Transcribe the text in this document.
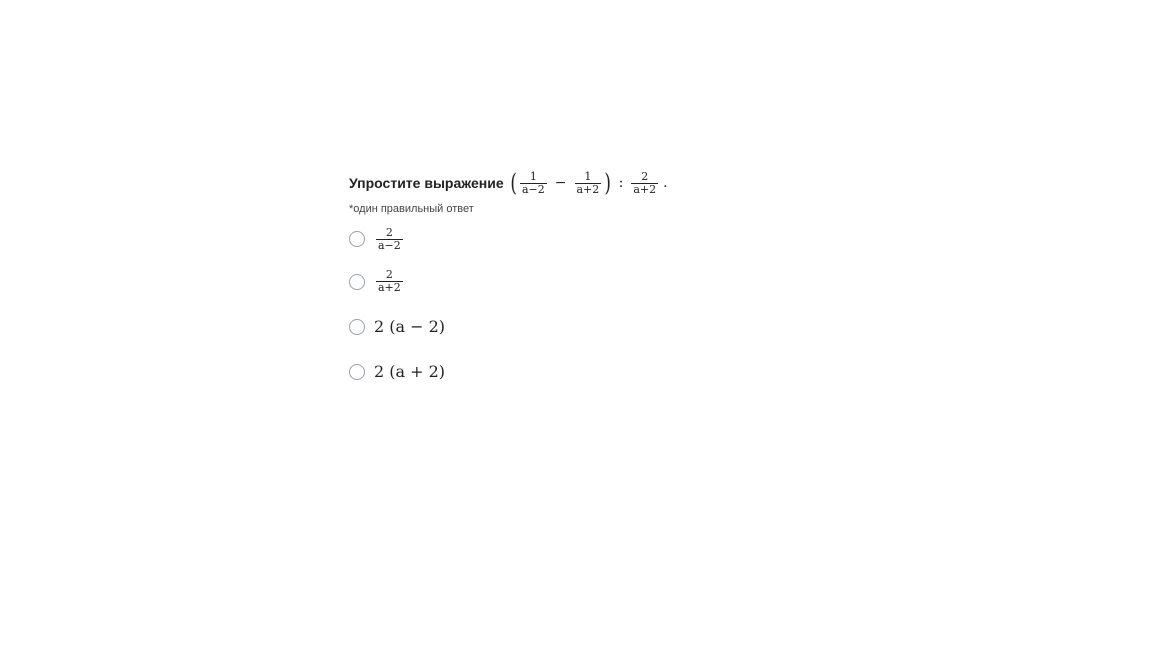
Упростите выражение ( $\frac{1}{a-2} - \frac{1}{a+2}$ ) : $\frac{2}{a+2}$ .
*один правильный ответ
$\frac{2}{a-2}$
$\frac{2}{a+2}$
2 (a − 2)
2 (a + 2)
